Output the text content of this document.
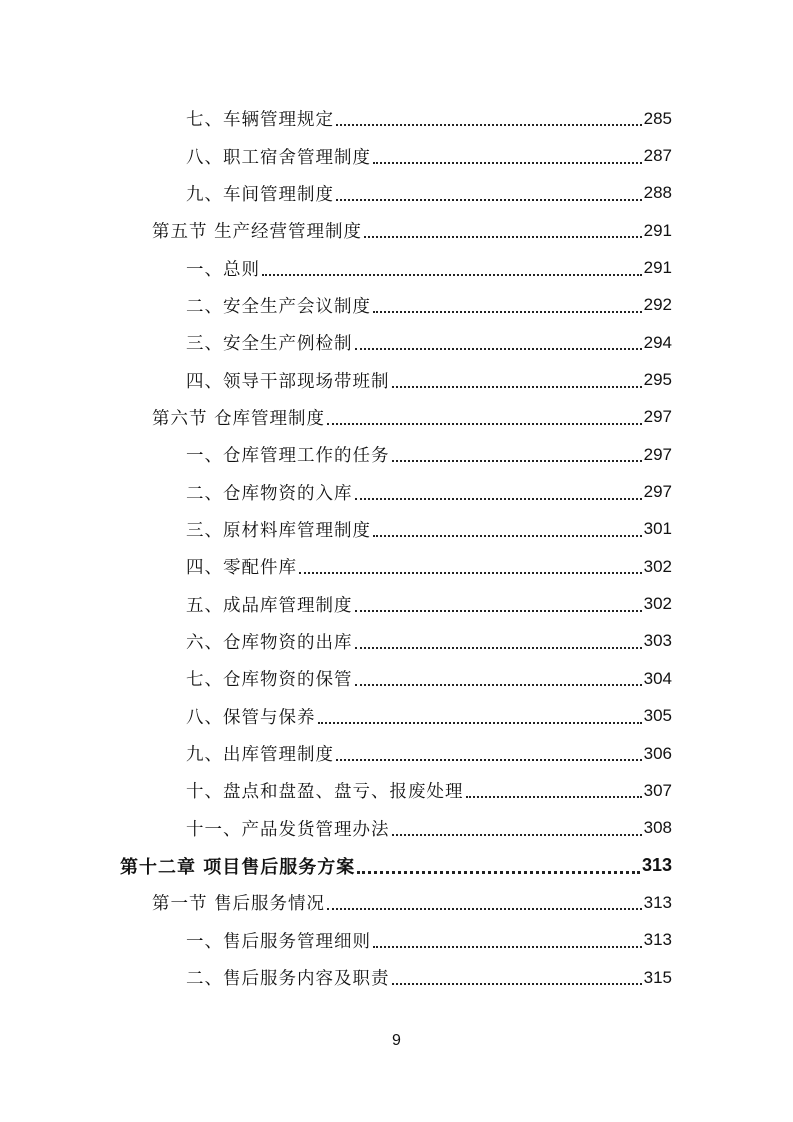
七、车辆管理规定	285
八、职工宿舍管理制度	287
九、车间管理制度	288
第五节 生产经营管理制度	291
一、总则	291
二、安全生产会议制度	292
三、安全生产例检制	294
四、领导干部现场带班制	295
第六节 仓库管理制度	297
一、仓库管理工作的任务	297
二、仓库物资的入库	297
三、原材料库管理制度	301
四、零配件库	302
五、成品库管理制度	302
六、仓库物资的出库	303
七、仓库物资的保管	304
八、保管与保养	305
九、出库管理制度	306
十、盘点和盘盈、盘亏、报废处理	307
十一、产品发货管理办法	308
第十二章 项目售后服务方案	313
第一节 售后服务情况	313
一、售后服务管理细则	313
二、售后服务内容及职责	315
9
